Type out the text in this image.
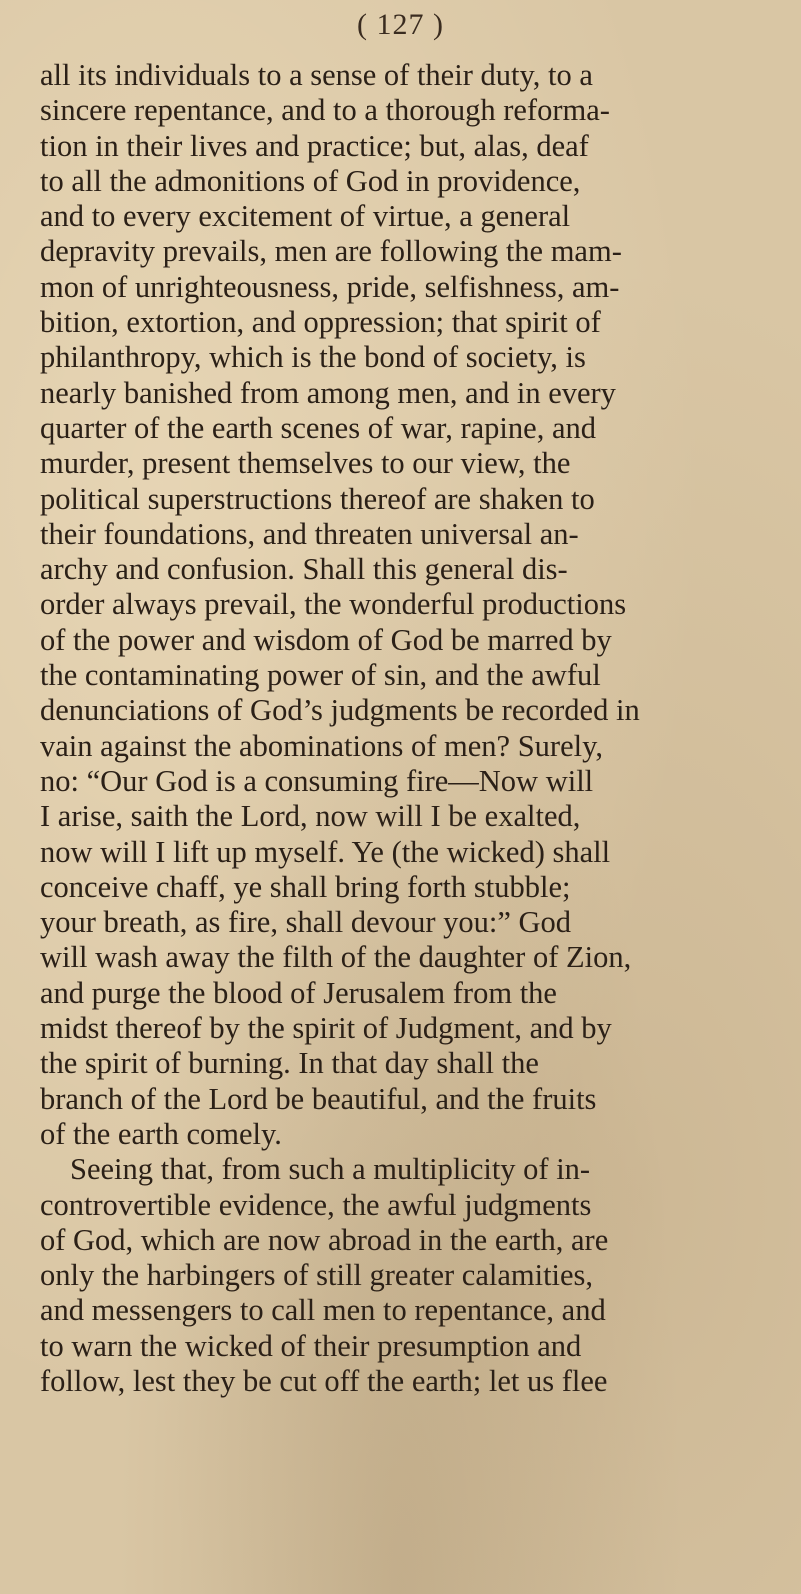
( 127 )
all its individuals to a sense of their duty, to a
sincere repentance, and to a thorough reforma-
tion in their lives and practice; but, alas, deaf
to all the admonitions of God in providence,
and to every excitement of virtue, a general
depravity prevails, men are following the mam-
mon of unrighteousness, pride, selfishness, am-
bition, extortion, and oppression; that spirit of
philanthropy, which is the bond of society, is
nearly banished from among men, and in every
quarter of the earth scenes of war, rapine, and
murder, present themselves to our view, the
political superstructions thereof are shaken to
their foundations, and threaten universal an-
archy and confusion. Shall this general dis-
order always prevail, the wonderful productions
of the power and wisdom of God be marred by
the contaminating power of sin, and the awful
denunciations of God’s judgments be recorded in
vain against the abominations of men? Surely,
no: “Our God is a consuming fire—Now will
I arise, saith the Lord, now will I be exalted,
now will I lift up myself. Ye (the wicked) shall
conceive chaff, ye shall bring forth stubble;
your breath, as fire, shall devour you:” God
will wash away the filth of the daughter of Zion,
and purge the blood of Jerusalem from the
midst thereof by the spirit of Judgment, and by
the spirit of burning. In that day shall the
branch of the Lord be beautiful, and the fruits
of the earth comely.
Seeing that, from such a multiplicity of in-
controvertible evidence, the awful judgments
of God, which are now abroad in the earth, are
only the harbingers of still greater calamities,
and messengers to call men to repentance, and
to warn the wicked of their presumption and
follow, lest they be cut off the earth; let us flee
